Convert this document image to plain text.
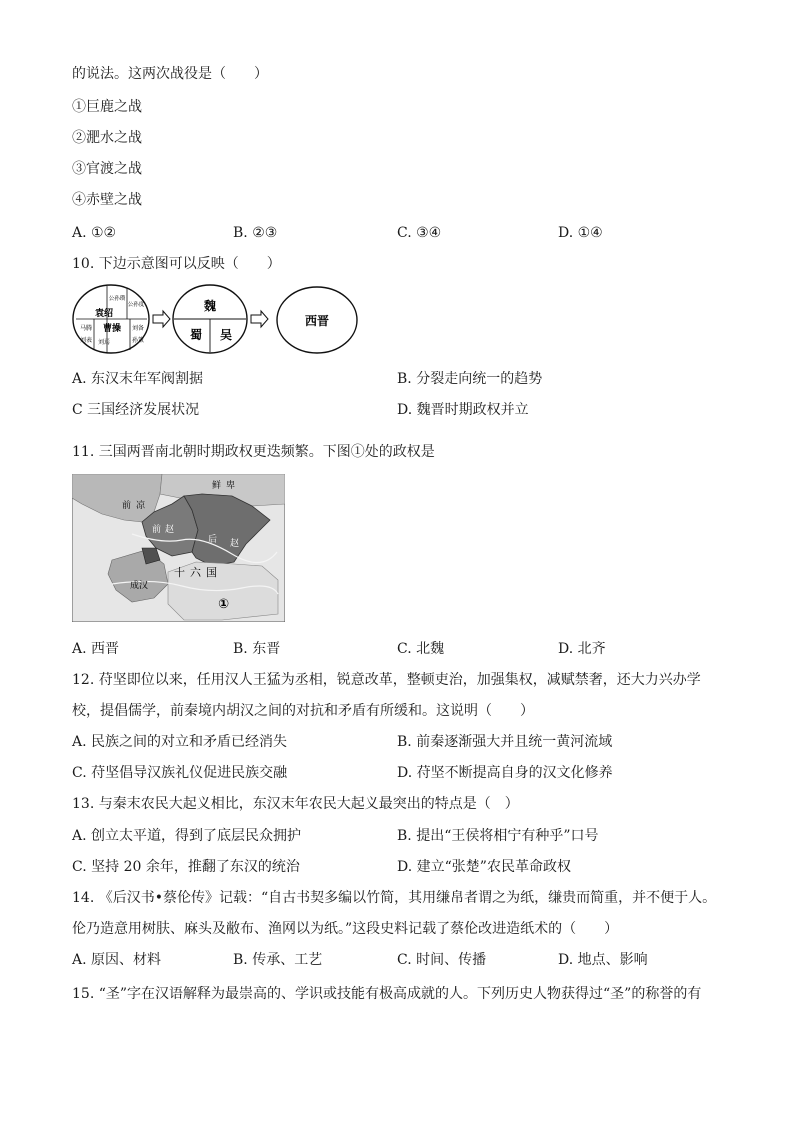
的说法。这两次战役是（　　）
①巨鹿之战
②淝水之战
③官渡之战
④赤壁之战
A. ①②	B. ②③	C. ③④	D. ①④
10. 下边示意图可以反映（　　）
公孙瓒
公孙度
袁绍
曹操
马腾
刘表 刘焉	孙策
刘备
魏
蜀 吴
西晋
A. 东汉末年军阀割据	B. 分裂走向统一的趋势
C 三国经济发展状况	D. 魏晋时期政权并立
11. 三国两晋南北朝时期政权更迭频繁。下图①处的政权是
前 凉
鲜 卑
前 赵
后 赵
十 六 国
成汉
①
A. 西晋	B. 东晋	C. 北魏	D. 北齐
12. 苻坚即位以来，任用汉人王猛为丞相，锐意改革，整顿吏治，加强集权，减赋禁奢，还大力兴办学
校，提倡儒学，前秦境内胡汉之间的对抗和矛盾有所缓和。这说明（　　）
A. 民族之间的对立和矛盾已经消失	B. 前秦逐渐强大并且统一黄河流域
C. 苻坚倡导汉族礼仪促进民族交融	D. 苻坚不断提高自身的汉文化修养
13. 与秦末农民大起义相比，东汉末年农民大起义最突出的特点是（　）
A. 创立太平道，得到了底层民众拥护	B. 提出“王侯将相宁有种乎”口号
C. 坚持 20 余年，推翻了东汉的统治	D. 建立“张楚”农民革命政权
14. 《后汉书•蔡伦传》记载：“自古书契多编以竹简，其用缣帛者谓之为纸，缣贵而简重，并不便于人。
伦乃造意用树肤、麻头及敝布、渔网以为纸。”这段史料记载了蔡伦改进造纸术的（　　）
A. 原因、材料	B. 传承、工艺	C. 时间、传播	D. 地点、影响
15. “圣”字在汉语解释为最崇高的、学识或技能有极高成就的人。下列历史人物获得过“圣”的称誉的有
